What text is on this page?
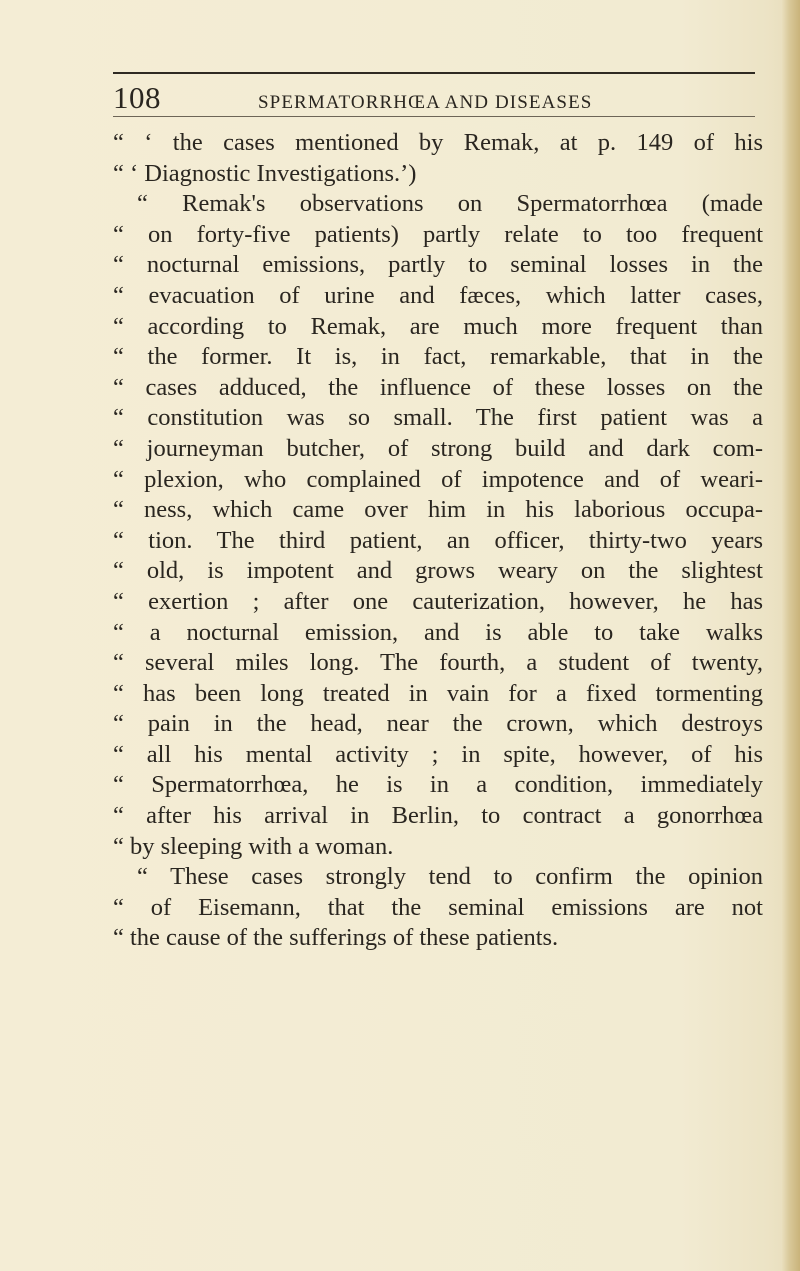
108	SPERMATORRHŒA AND DISEASES
“ ‘ the cases mentioned by Remak, at p. 149 of his
“ ‘ Diagnostic Investigations.’)
“ Remak's observations on Spermatorrhœa (made
“ on forty-five patients) partly relate to too frequent
“ nocturnal emissions, partly to seminal losses in the
“ evacuation of urine and fæces, which latter cases,
“ according to Remak, are much more frequent than
“ the former. It is, in fact, remarkable, that in the
“ cases adduced, the influence of these losses on the
“ constitution was so small. The first patient was a
“ journeyman butcher, of strong build and dark com-
“ plexion, who complained of impotence and of weari-
“ ness, which came over him in his laborious occupa-
“ tion. The third patient, an officer, thirty-two years
“ old, is impotent and grows weary on the slightest
“ exertion ; after one cauterization, however, he has
“ a nocturnal emission, and is able to take walks
“ several miles long. The fourth, a student of twenty,
“ has been long treated in vain for a fixed tormenting
“ pain in the head, near the crown, which destroys
“ all his mental activity ; in spite, however, of his
“ Spermatorrhœa, he is in a condition, immediately
“ after his arrival in Berlin, to contract a gonorrhœa
“ by sleeping with a woman.
“ These cases strongly tend to confirm the opinion
“ of Eisemann, that the seminal emissions are not
“ the cause of the sufferings of these patients.
